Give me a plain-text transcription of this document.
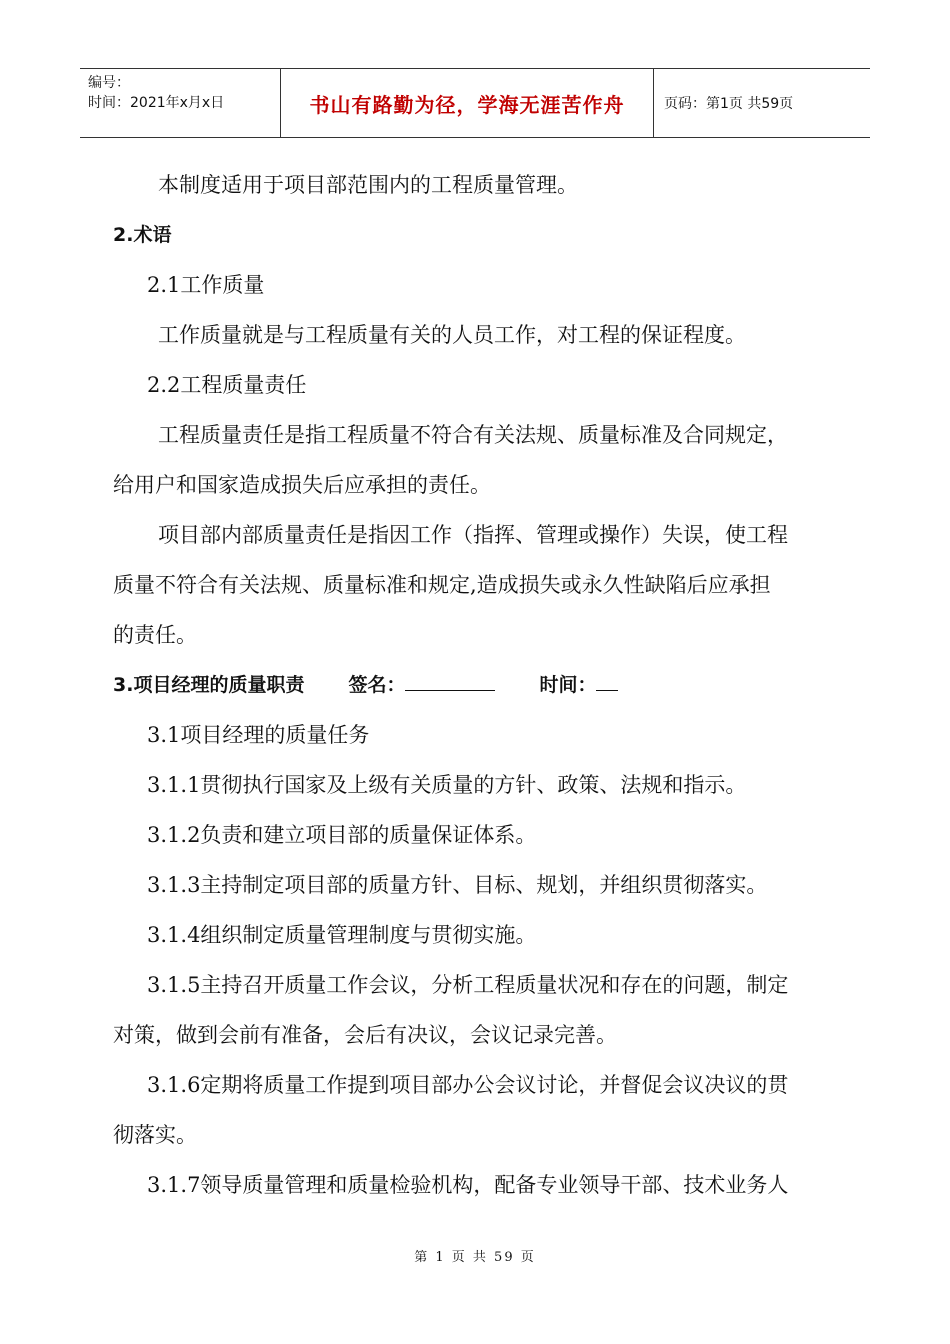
编号：
时间：2021年x月x日	书山有路勤为径，学海无涯苦作舟	页码：第1页 共59页
本制度适用于项目部范围内的工程质量管理。
2.术语
2.1工作质量
工作质量就是与工程质量有关的人员工作，对工程的保证程度。
2.2工程质量责任
工程质量责任是指工程质量不符合有关法规、质量标准及合同规定，
给用户和国家造成损失后应承担的责任。
项目部内部质量责任是指因工作（指挥、管理或操作）失误，使工程
质量不符合有关法规、质量标准和规定,造成损失或永久性缺陷后应承担
的责任。
3.项目经理的质量职责 签名：	时间：
3.1项目经理的质量任务
3.1.1贯彻执行国家及上级有关质量的方针、政策、法规和指示。
3.1.2负责和建立项目部的质量保证体系。
3.1.3主持制定项目部的质量方针、目标、规划，并组织贯彻落实。
3.1.4组织制定质量管理制度与贯彻实施。
3.1.5主持召开质量工作会议，分析工程质量状况和存在的问题，制定
对策，做到会前有准备，会后有决议，会议记录完善。
3.1.6定期将质量工作提到项目部办公会议讨论，并督促会议决议的贯
彻落实。
3.1.7领导质量管理和质量检验机构，配备专业领导干部、技术业务人
第 1 页 共 59 页
